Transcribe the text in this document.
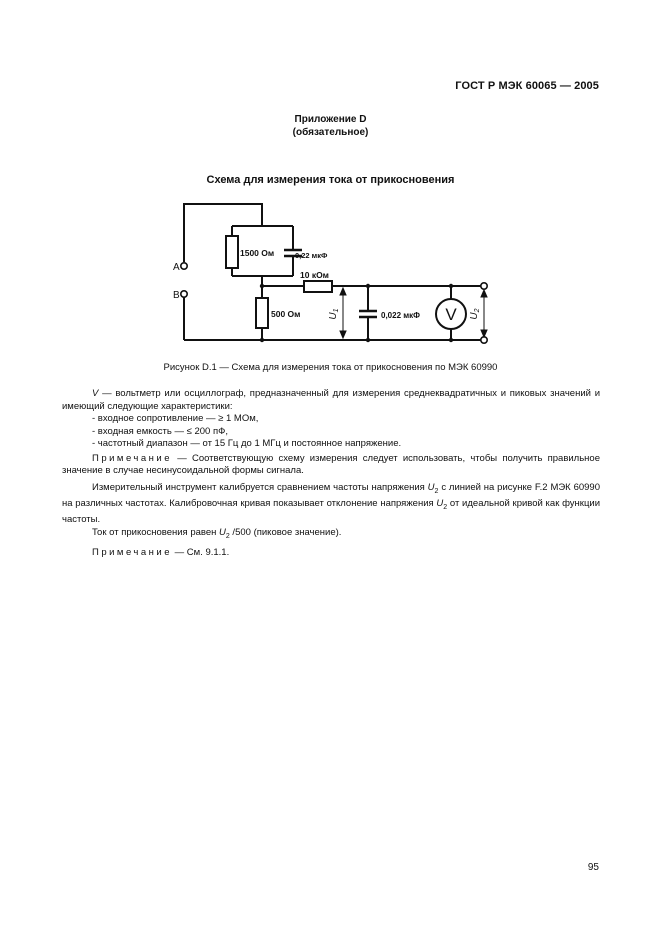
ГОСТ Р МЭК 60065 — 2005
Приложение D
(обязательное)
Схема для измерения тока от прикосновения
V
A
B
1500 Ом	0,22 мкФ
10 кОм
500 Ом	0,022 мкФ
$U_1$
$U_2$
Рисунок D.1 — Схема для измерения тока от прикосновения по МЭК 60990

V — вольтметр или осциллограф, предназначенный для измерения среднеквадратичных и пиковых значений и имеющий следующие характеристики:

- входное сопротивление — ≥ 1 МОм,

- входная емкость — ≤ 200 пФ,

- частотный диапазон — от 15 Гц до 1 МГц и постоянное напряжение.

Примечание — Соответствующую схему измерения следует использовать, чтобы получить правильное значение в случае несинусоидальной формы сигнала.

Измерительный инструмент калибруется сравнением частоты напряжения $U_2$ с линией на рисунке F.2 МЭК 60990 на различных частотах. Калибровочная кривая показывает отклонение напряжения $U_2$ от идеальной кривой как функции частоты.

Ток от прикосновения равен $U_2$ /500 (пиковое значение).

Примечание — См. 9.1.1.

95
